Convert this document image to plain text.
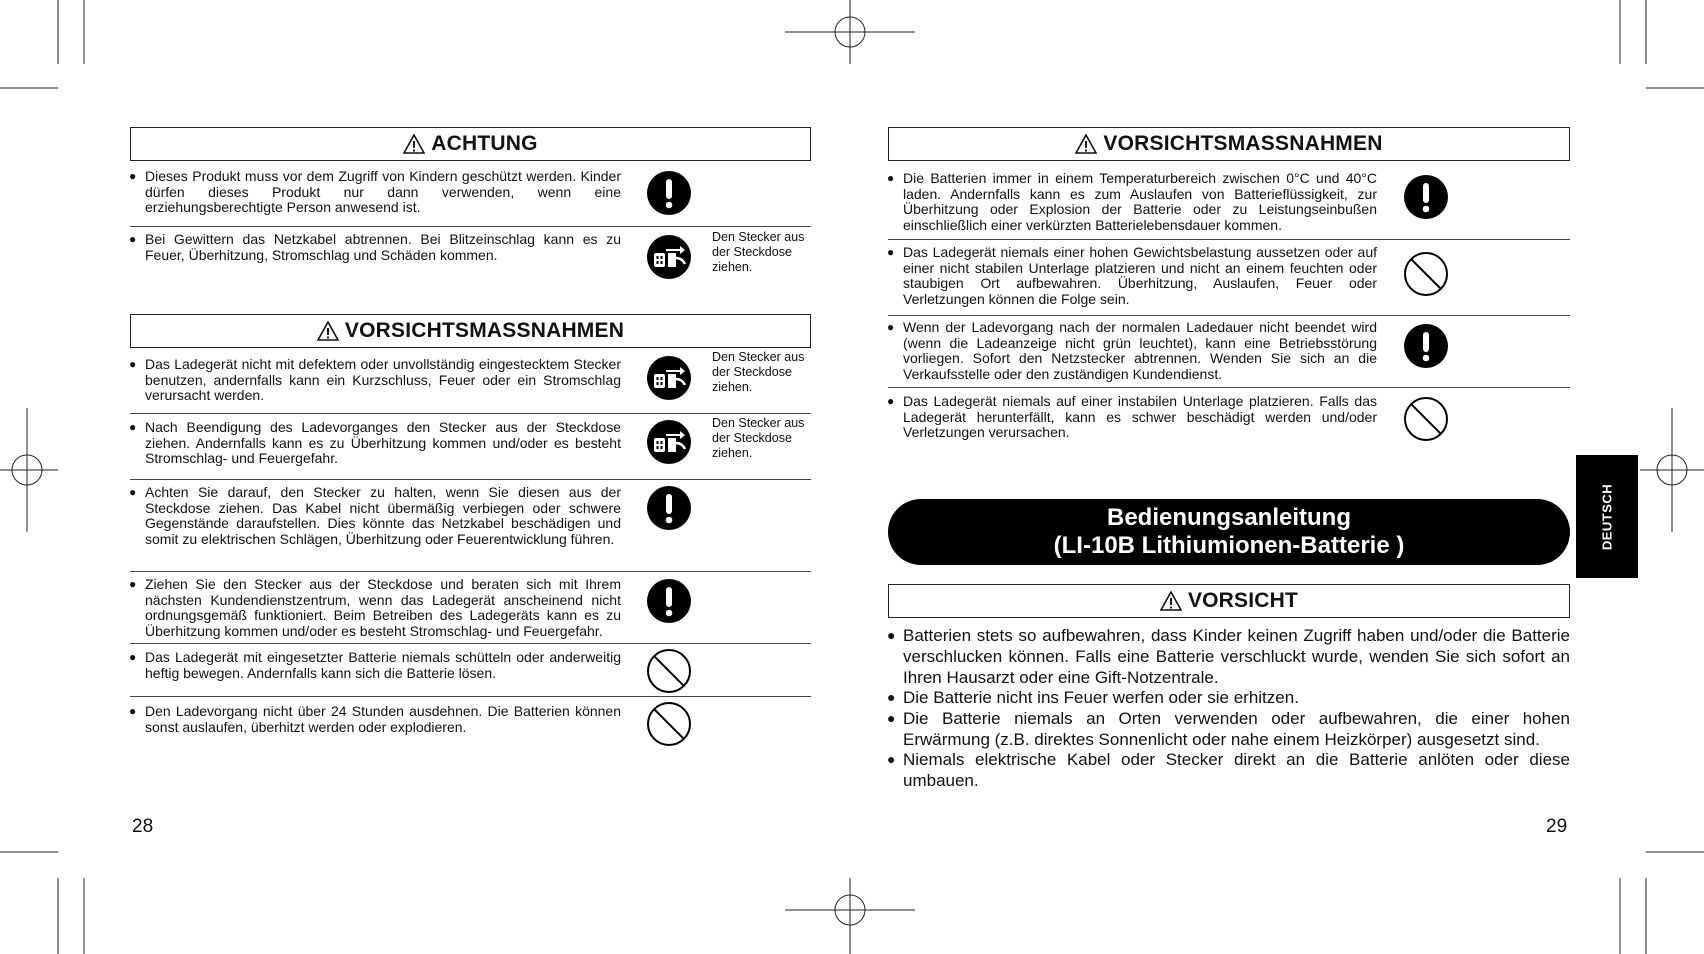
ACHTUNG
● Dieses Produkt muss vor dem Zugriff von Kindern geschützt werden. Kinder dürfen dieses Produkt nur dann verwenden, wenn eine erziehungsberechtigte Person anwesend ist.
● Bei Gewittern das Netzkabel abtrennen. Bei Blitzeinschlag kann es zu Feuer, Überhitzung, Stromschlag und Schäden kommen.
Den Stecker aus der Steckdose ziehen.
VORSICHTSMASSNAHMEN
● Das Ladegerät nicht mit defektem oder unvollständig eingestecktem Stecker benutzen, andernfalls kann ein Kurzschluss, Feuer oder ein Stromschlag verursacht werden.
Den Stecker aus der Steckdose ziehen.
● Nach Beendigung des Ladevorganges den Stecker aus der Steckdose ziehen. Andernfalls kann es zu Überhitzung kommen und/oder es besteht Stromschlag- und Feuergefahr.
Den Stecker aus der Steckdose ziehen.
● Achten Sie darauf, den Stecker zu halten, wenn Sie diesen aus der Steckdose ziehen. Das Kabel nicht übermäßig verbiegen oder schwere Gegenstände daraufstellen. Dies könnte das Netzkabel beschädigen und somit zu elektrischen Schlägen, Überhitzung oder Feuerentwicklung führen.
● Ziehen Sie den Stecker aus der Steckdose und beraten sich mit Ihrem nächsten Kundendienstzentrum, wenn das Ladegerät anscheinend nicht ordnungsgemäß funktioniert. Beim Betreiben des Ladegeräts kann es zu Überhitzung kommen und/oder es besteht Stromschlag- und Feuergefahr.
● Das Ladegerät mit eingesetzter Batterie niemals schütteln oder anderweitig heftig bewegen. Andernfalls kann sich die Batterie lösen.
● Den Ladevorgang nicht über 24 Stunden ausdehnen. Die Batterien können sonst auslaufen, überhitzt werden oder explodieren.
28
VORSICHTSMASSNAHMEN
● Die Batterien immer in einem Temperaturbereich zwischen 0°C und 40°C laden. Andernfalls kann es zum Auslaufen von Batterieflüssigkeit, zur Überhitzung oder Explosion der Batterie oder zu Leistungseinbußen einschließlich einer verkürzten Batterielebensdauer kommen.
● Das Ladegerät niemals einer hohen Gewichtsbelastung aussetzen oder auf einer nicht stabilen Unterlage platzieren und nicht an einem feuchten oder staubigen Ort aufbewahren. Überhitzung, Auslaufen, Feuer oder Verletzungen können die Folge sein.
● Wenn der Ladevorgang nach der normalen Ladedauer nicht beendet wird (wenn die Ladeanzeige nicht grün leuchtet), kann eine Betriebsstörung vorliegen. Sofort den Netzstecker abtrennen. Wenden Sie sich an die Verkaufsstelle oder den zuständigen Kundendienst.
● Das Ladegerät niemals auf einer instabilen Unterlage platzieren. Falls das Ladegerät herunterfällt, kann es schwer beschädigt werden und/oder Verletzungen verursachen.
Bedienungsanleitung
(LI-10B Lithiumionen-Batterie )	DEUTSCH
VORSICHT
● Batterien stets so aufbewahren, dass Kinder keinen Zugriff haben und/oder die Batterie verschlucken können. Falls eine Batterie verschluckt wurde, wenden Sie sich sofort an Ihren Hausarzt oder eine Gift-Notzentrale.
● Die Batterie nicht ins Feuer werfen oder sie erhitzen.
● Die Batterie niemals an Orten verwenden oder aufbewahren, die einer hohen Erwärmung (z.B. direktes Sonnenlicht oder nahe einem Heizkörper) ausgesetzt sind.
● Niemals elektrische Kabel oder Stecker direkt an die Batterie anlöten oder diese umbauen.
29
